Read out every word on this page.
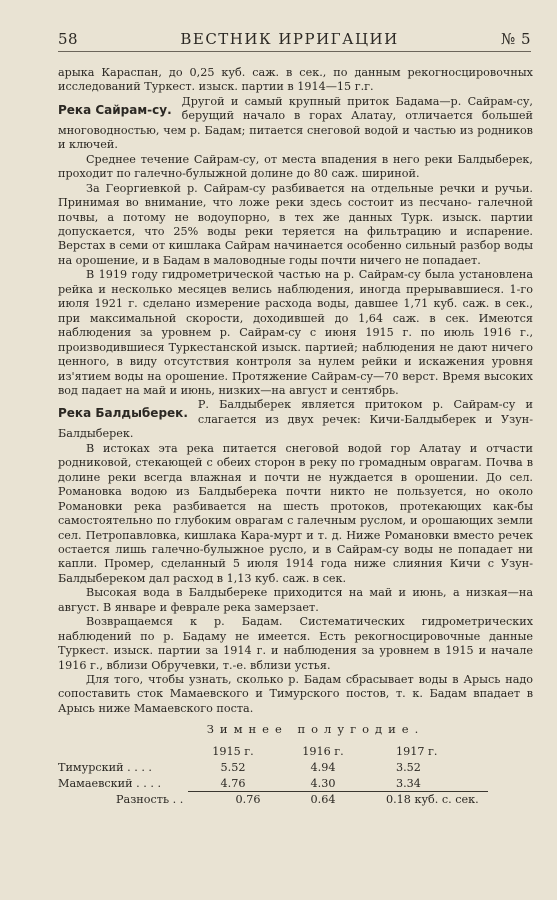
58	ВЕСТНИК ИРРИГАЦИИ	№ 5

арыка Караспан, до 0,25 куб. саж. в сек., по данным рекогносцировочных исследований Туркест. изыск. партии в 1914—15 г.г.

Река Сайрам-су.

Другой и самый крупный приток Бадама—р. Сайрам-су, берущий начало в горах Алатау, отличается большей многоводностью, чем р. Бадам; питается снеговой водой и частью из родников и ключей.

Среднее течение Сайрам-су, от места впадения в него реки Балдыберек, проходит по галечно-булыжной долине до 80 саж. шириной.

За Георгиевкой р. Сайрам-су разбивается на отдельные речки и ручьи. Принимая во внимание, что ложе реки здесь состоит из песчано- галечной почвы, а потому не водоупорно, в тех же данных Турк. изыск. партии допускается, что 25% воды реки теряется на фильтрацию и испарение. Верстах в семи от кишлака Сайрам начинается особенно сильный разбор воды на орошение, и в Бадам в маловодные годы почти ничего не попадает.

В 1919 году гидрометрической частью на р. Сайрам-су была установлена рейка и несколько месяцев велись наблюдения, иногда прерывавшиеся. 1-го июля 1921 г. сделано измерение расхода воды, давшее 1,71 куб. саж. в сек., при максимальной скорости, доходившей до 1,64 саж. в сек. Имеются наблюдения за уровнем р. Сайрам-су с июня 1915 г. по июль 1916 г., производившиеся Туркестанской изыск. партией; наблюдения не дают ничего ценного, в виду отсутствия контроля за нулем рейки и искажения уровня из'ятием воды на орошение. Протяжение Сайрам-су—70 верст. Время высоких вод падает на май и июнь, низких—на август и сентябрь.

Река Балдыберек.

Р. Балдыберек является притоком р. Сайрам-су и слагается из двух речек: Кичи-Балдыберек и Узун-Балдыберек.

В истоках эта река питается снеговой водой гор Алатау и отчасти родниковой, стекающей с обеих сторон в реку по громадным оврагам. Почва в долине реки всегда влажная и почти не нуждается в орошении. До сел. Романовка водою из Балдыберека почти никто не пользуется, но около Романовки река разбивается на шесть протоков, протекающих как-бы самостоятельно по глубоким оврагам с галечным руслом, и орошающих земли сел. Петропавловка, кишлака Кара-мурт и т. д. Ниже Романовки вместо речек остается лишь галечно-булыжное русло, и в Сайрам-су воды не попадает ни капли. Промер, сделанный 5 июля 1914 года ниже слияния Кичи с Узун-Балдыбереком дал расход в 1,13 куб. саж. в сек.

Высокая вода в Балдыбереке приходится на май и июнь, а низкая—на август. В январе и феврале река замерзает.

Возвращаемся к р. Бадам. Систематических гидрометрических наблюдений по р. Бадаму не имеется. Есть рекогносцировочные данные Туркест. изыск. партии за 1914 г. и наблюдения за уровнем в 1915 и начале 1916 г., вблизи Обручевки, т.-е. вблизи устья.

Для того, чтобы узнать, сколько р. Бадам сбрасывает воды в Арысь надо сопоставить сток Мамаевского и Тимурского постов, т. к. Бадам впадает в Арысь ниже Мамаевского поста.

Зимнее полугодие.
1915 г.	1916 г.	1917 г.
Тимурский . . . .	5.52	4.94	3.52
Мамаевский . . . .	4.76	4.30	3.34
Разность . .	0.76	0.64	0.18 куб. с. сек.
